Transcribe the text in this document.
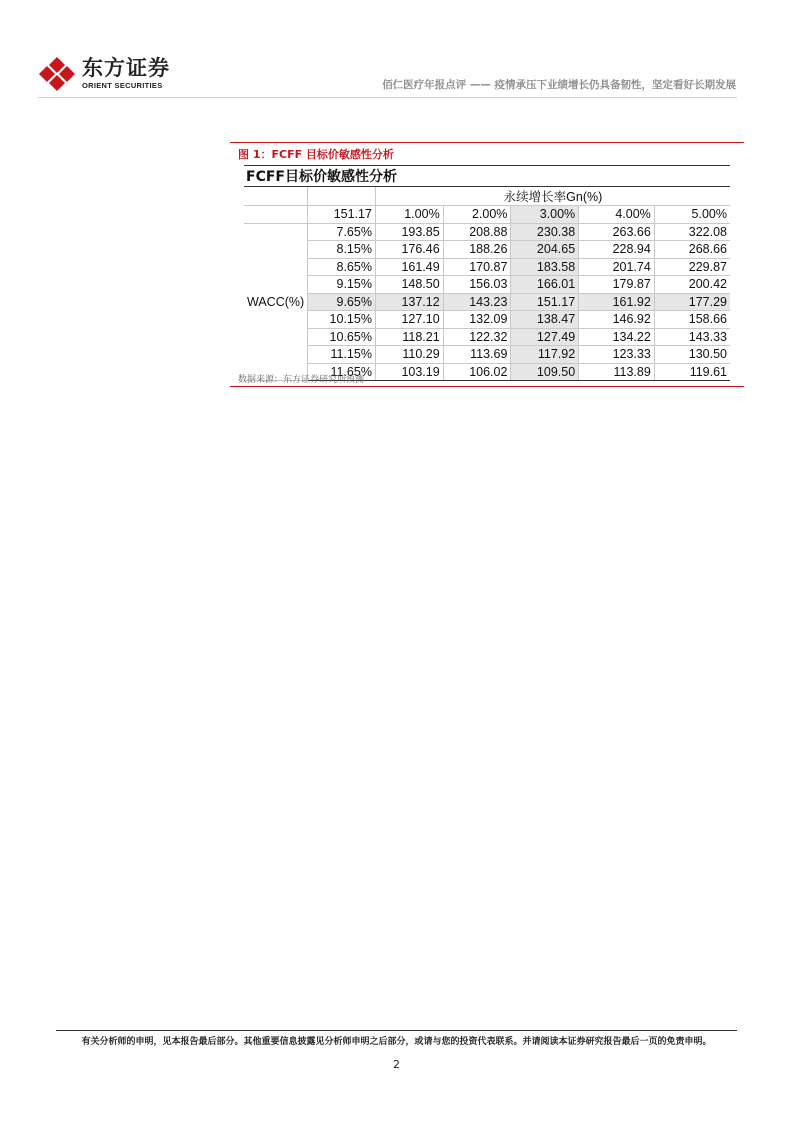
东方证券
ORIENT SECURITIES	佰仁医疗年报点评 —— 疫情承压下业绩增长仍具备韧性，坚定看好长期发展
图 1：FCFF 目标价敏感性分析
FCFF目标价敏感性分析						
		永续增长率Gn(%)				
	151.17	1.00%	2.00%	3.00%	4.00%	5.00%
WACC(%)	7.65%	193.85	208.88	230.38	263.66	322.08
	8.15%	176.46	188.26	204.65	228.94	268.66
	8.65%	161.49	170.87	183.58	201.74	229.87
	9.15%	148.50	156.03	166.01	179.87	200.42
	9.65%	137.12	143.23	151.17	161.92	177.29
	10.15%	127.10	132.09	138.47	146.92	158.66
	10.65%	118.21	122.32	127.49	134.22	143.33
	11.15%	110.29	113.69	117.92	123.33	130.50
	11.65%	103.19	106.02	109.50	113.89	119.61
数据来源：东方证券研究所预测
有关分析师的申明，见本报告最后部分。其他重要信息披露见分析师申明之后部分，或请与您的投资代表联系。并请阅读本证券研究报告最后一页的免责申明。
2
